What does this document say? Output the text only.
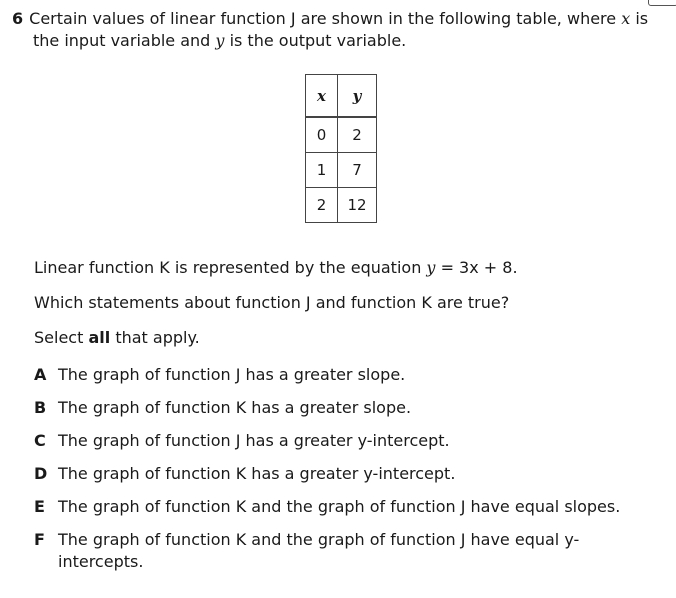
6 Certain values of linear function J are shown in the following table, where x is
the input variable and y is the output variable.
x	y
0	2
1	7
2	12
Linear function K is represented by the equation y = 3x + 8.
Which statements about function J and function K are true?
Select all that apply.
A The graph of function J has a greater slope.
B The graph of function K has a greater slope.
C The graph of function J has a greater y-intercept.
D The graph of function K has a greater y-intercept.
E The graph of function K and the graph of function J have equal slopes.
F The graph of function K and the graph of function J have equal y-intercepts.
